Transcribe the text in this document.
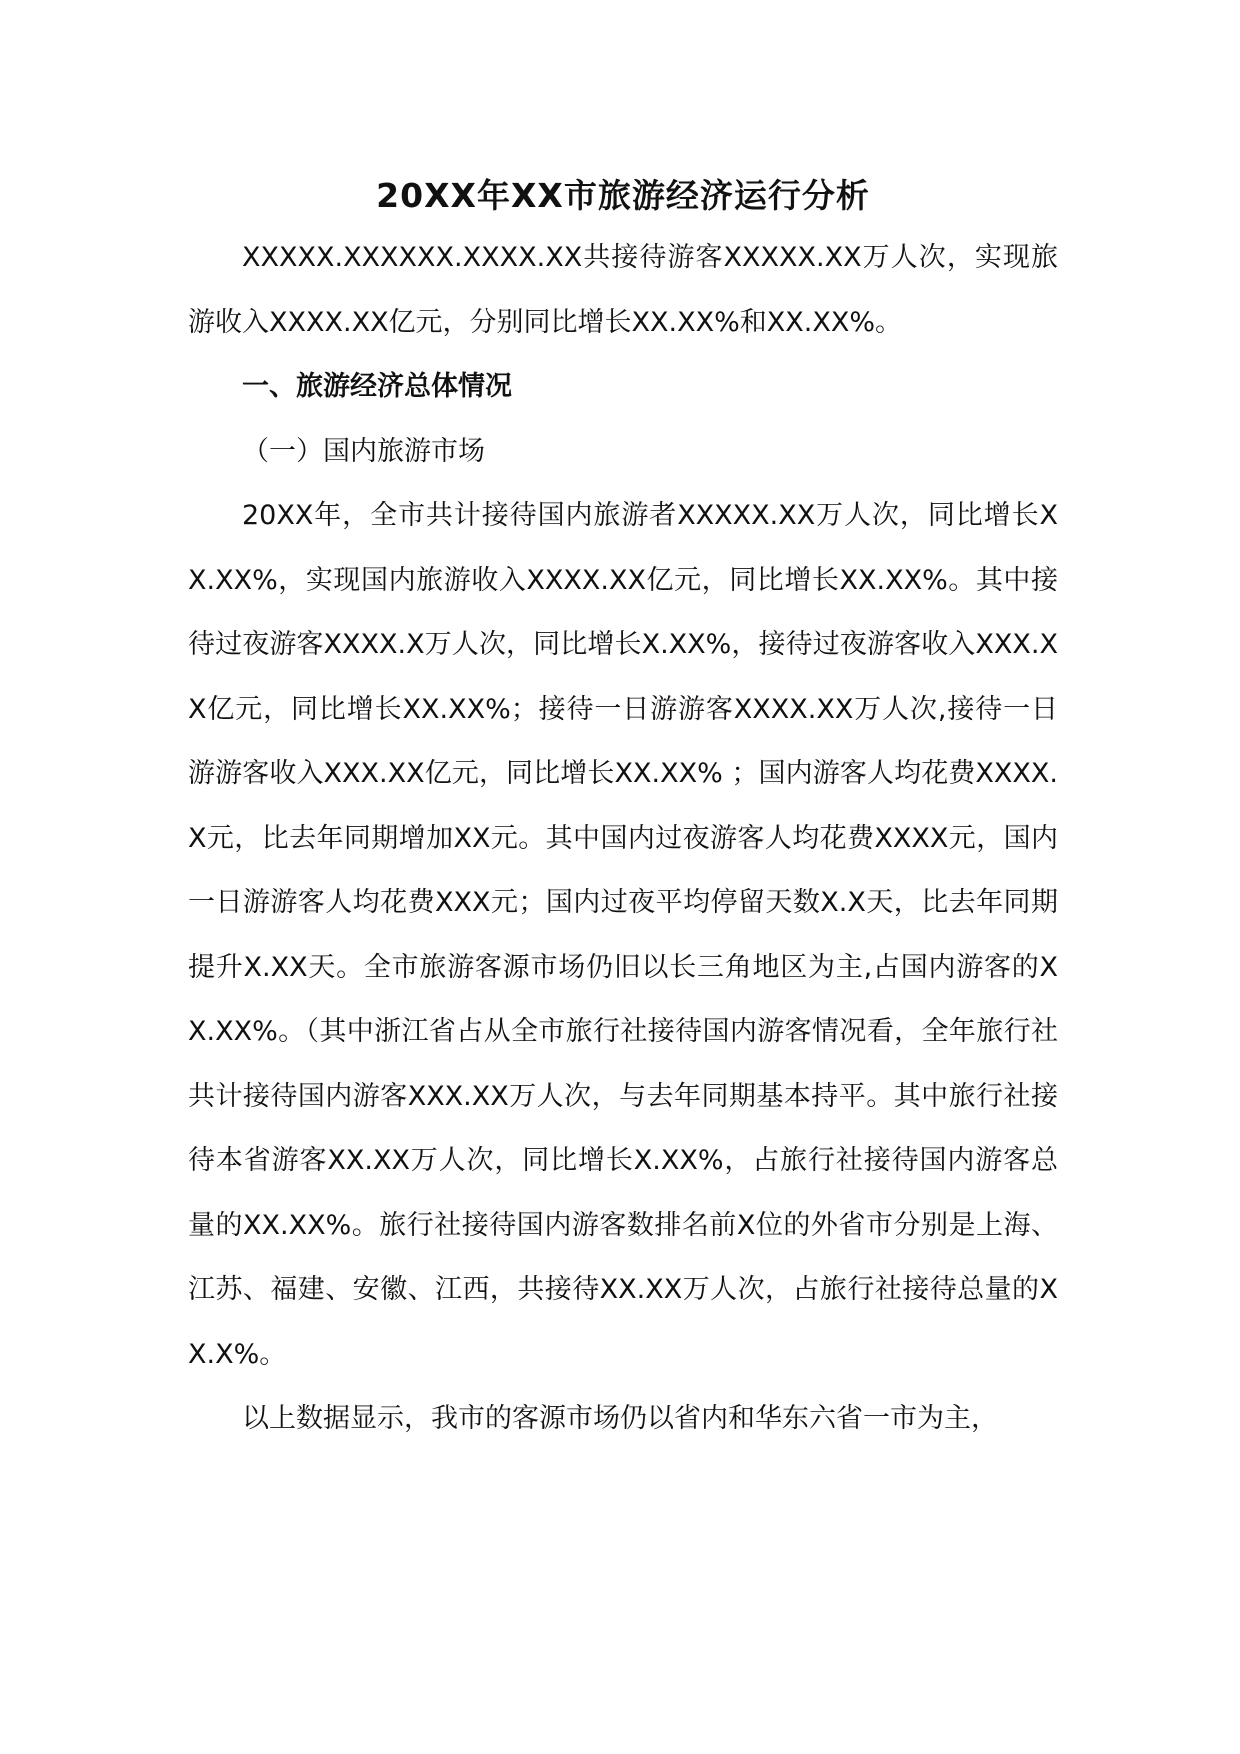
20XX年XX市旅游经济运行分析

XXXXX.XXXXXX.XXXX.XX共接待游客XXXXX.XX万人次，实现旅游收入XXXX.XX亿元，分别同比增长XX.XX%和XX.XX%。

一、旅游经济总体情况

（一）国内旅游市场

20XX年，全市共计接待国内旅游者XXXXX.XX万人次，同比增长XX.XX%，实现国内旅游收入XXXX.XX亿元，同比增长XX.XX%。其中接待过夜游客XXXX.X万人次，同比增长X.XX%，接待过夜游客收入XXX.XX亿元，同比增长XX.XX%；接待一日游游客XXXX.XX万人次,接待一日游游客收入XXX.XX亿元，同比增长XX.XX% ；国内游客人均花费XXXX.X元，比去年同期增加XX元。其中国内过夜游客人均花费XXXX元，国内一日游游客人均花费XXX元；国内过夜平均停留天数X.X天，比去年同期提升X.XX天。全市旅游客源市场仍旧以长三角地区为主,占国内游客的XX.XX%。（其中浙江省占从全市旅行社接待国内游客情况看，全年旅行社共计接待国内游客XXX.XX万人次，与去年同期基本持平。其中旅行社接待本省游客XX.XX万人次，同比增长X.XX%，占旅行社接待国内游客总量的XX.XX%。旅行社接待国内游客数排名前X位的外省市分别是上海、江苏、福建、安徽、江西，共接待XX.XX万人次，占旅行社接待总量的XX.X%。

以上数据显示，我市的客源市场仍以省内和华东六省一市为主，
